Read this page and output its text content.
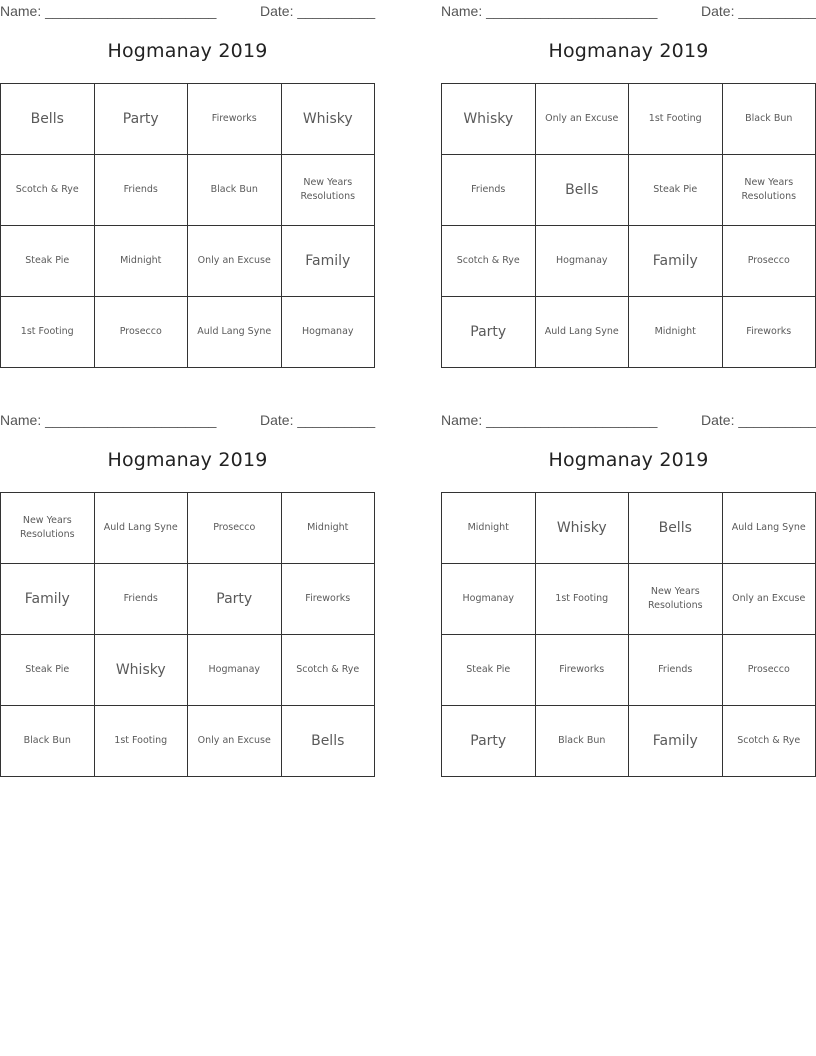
Name: ______________________	Date: __________
Hogmanay 2019
Bells	Party	Fireworks	Whisky
Scotch & Rye	Friends	Black Bun	New Years Resolutions
Steak Pie	Midnight	Only an Excuse	Family
1st Footing	Prosecco	Auld Lang Syne	Hogmanay
Name: ______________________	Date: __________
Hogmanay 2019
Whisky	Only an Excuse	1st Footing	Black Bun
Friends	Bells	Steak Pie	New Years Resolutions
Scotch & Rye	Hogmanay	Family	Prosecco
Party	Auld Lang Syne	Midnight	Fireworks
Name: ______________________	Date: __________
Hogmanay 2019
New Years Resolutions	Auld Lang Syne	Prosecco	Midnight
Family	Friends	Party	Fireworks
Steak Pie	Whisky	Hogmanay	Scotch & Rye
Black Bun	1st Footing	Only an Excuse	Bells
Name: ______________________	Date: __________
Hogmanay 2019
Midnight	Whisky	Bells	Auld Lang Syne
Hogmanay	1st Footing	New Years Resolutions	Only an Excuse
Steak Pie	Fireworks	Friends	Prosecco
Party	Black Bun	Family	Scotch & Rye
